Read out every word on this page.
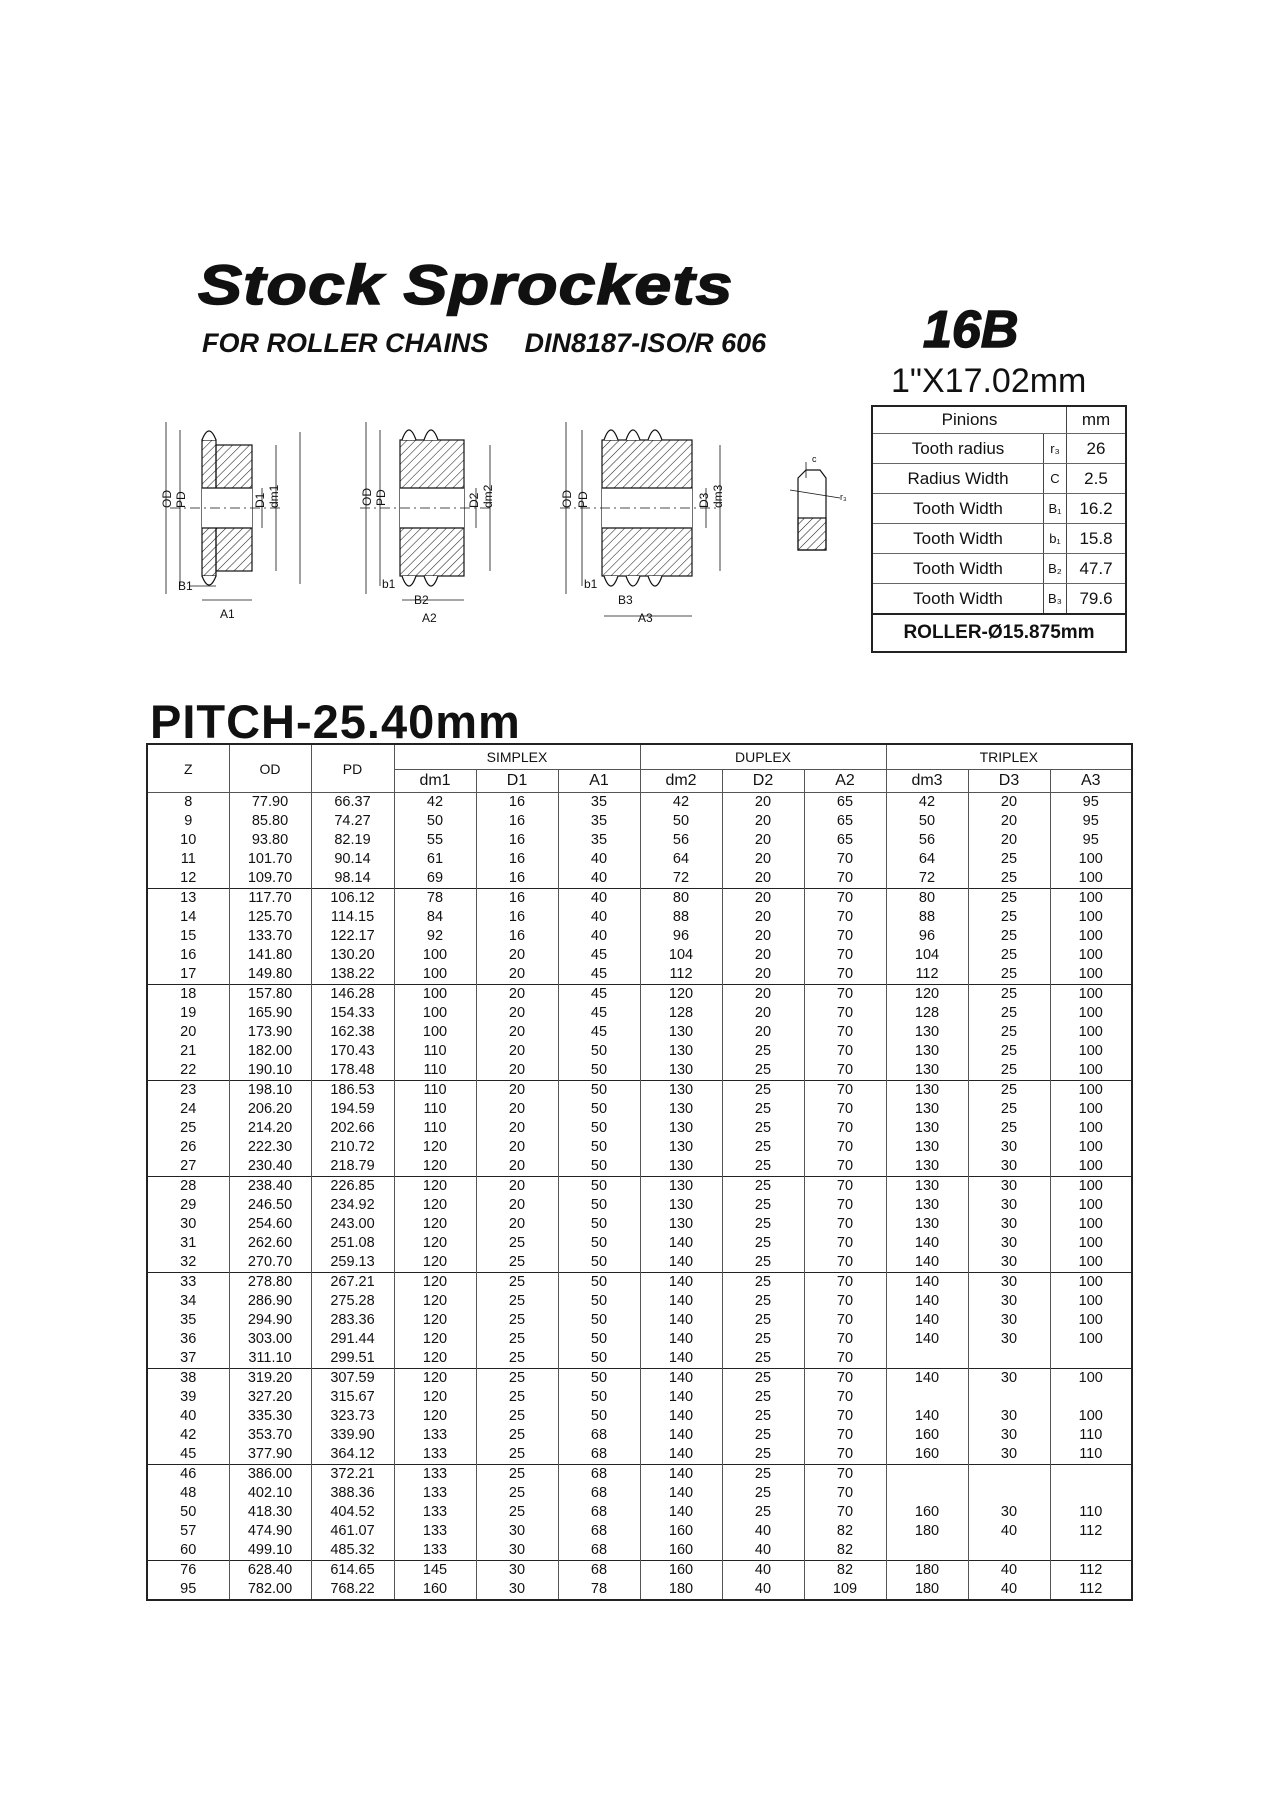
Stock Sprockets
FOR ROLLER CHAINS DIN8187-ISO/R 606	16B
1"X17.02mm
OD PD	D1 dm1
B1
A1
OD PD	D2 dm2
b1
B2
A2
OD PD	D3 dm3
b1
B3
A3
c
r₃
Pinions		mm
Tooth radius	r₃	26
Radius Width	C	2.5
Tooth Width	B₁	16.2
Tooth Width	b₁	15.8
Tooth Width	B₂	47.7
Tooth Width	B₃	79.6
ROLLER-Ø15.875mm		
PITCH-25.40mm
Z	OD	PD	SIMPLEX			DUPLEX			TRIPLEX		
			dm1	D1	A1	dm2	D2	A2	dm3	D3	A3
8	77.90	66.37	42	16	35	42	20	65	42	20	95
9	85.80	74.27	50	16	35	50	20	65	50	20	95
10	93.80	82.19	55	16	35	56	20	65	56	20	95
11	101.70	90.14	61	16	40	64	20	70	64	25	100
12	109.70	98.14	69	16	40	72	20	70	72	25	100
13	117.70	106.12	78	16	40	80	20	70	80	25	100
14	125.70	114.15	84	16	40	88	20	70	88	25	100
15	133.70	122.17	92	16	40	96	20	70	96	25	100
16	141.80	130.20	100	20	45	104	20	70	104	25	100
17	149.80	138.22	100	20	45	112	20	70	112	25	100
18	157.80	146.28	100	20	45	120	20	70	120	25	100
19	165.90	154.33	100	20	45	128	20	70	128	25	100
20	173.90	162.38	100	20	45	130	20	70	130	25	100
21	182.00	170.43	110	20	50	130	25	70	130	25	100
22	190.10	178.48	110	20	50	130	25	70	130	25	100
23	198.10	186.53	110	20	50	130	25	70	130	25	100
24	206.20	194.59	110	20	50	130	25	70	130	25	100
25	214.20	202.66	110	20	50	130	25	70	130	25	100
26	222.30	210.72	120	20	50	130	25	70	130	30	100
27	230.40	218.79	120	20	50	130	25	70	130	30	100
28	238.40	226.85	120	20	50	130	25	70	130	30	100
29	246.50	234.92	120	20	50	130	25	70	130	30	100
30	254.60	243.00	120	20	50	130	25	70	130	30	100
31	262.60	251.08	120	25	50	140	25	70	140	30	100
32	270.70	259.13	120	25	50	140	25	70	140	30	100
33	278.80	267.21	120	25	50	140	25	70	140	30	100
34	286.90	275.28	120	25	50	140	25	70	140	30	100
35	294.90	283.36	120	25	50	140	25	70	140	30	100
36	303.00	291.44	120	25	50	140	25	70	140	30	100
37	311.10	299.51	120	25	50	140	25	70			
38	319.20	307.59	120	25	50	140	25	70	140	30	100
39	327.20	315.67	120	25	50	140	25	70			
40	335.30	323.73	120	25	50	140	25	70	140	30	100
42	353.70	339.90	133	25	68	140	25	70	160	30	110
45	377.90	364.12	133	25	68	140	25	70	160	30	110
46	386.00	372.21	133	25	68	140	25	70			
48	402.10	388.36	133	25	68	140	25	70			
50	418.30	404.52	133	25	68	140	25	70	160	30	110
57	474.90	461.07	133	30	68	160	40	82	180	40	112
60	499.10	485.32	133	30	68	160	40	82			
76	628.40	614.65	145	30	68	160	40	82	180	40	112
95	782.00	768.22	160	30	78	180	40	109	180	40	112
